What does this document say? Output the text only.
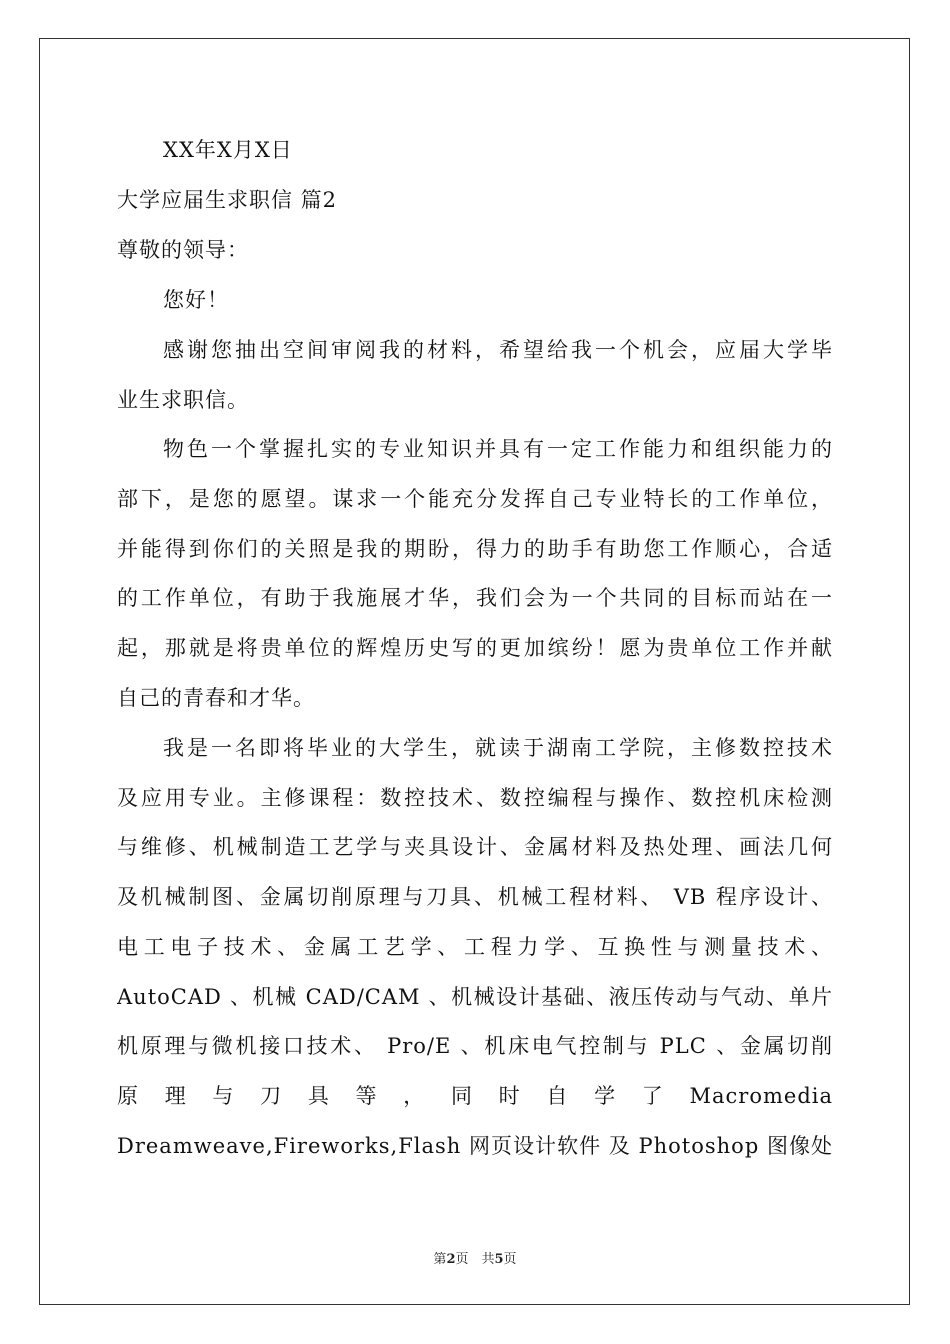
XX年X月X日
大学应届生求职信 篇2
尊敬的领导：
您好！
感谢您抽出空间审阅我的材料，希望给我一个机会，应届大学毕
业生求职信。
物色一个掌握扎实的专业知识并具有一定工作能力和组织能力的
部下，是您的愿望。谋求一个能充分发挥自己专业特长的工作单位，
并能得到你们的关照是我的期盼，得力的助手有助您工作顺心，合适
的工作单位，有助于我施展才华，我们会为一个共同的目标而站在一
起，那就是将贵单位的辉煌历史写的更加缤纷！愿为贵单位工作并献
自己的青春和才华。
我是一名即将毕业的大学生，就读于湖南工学院，主修数控技术
及应用专业。主修课程：数控技术、数控编程与操作、数控机床检测
与维修、机械制造工艺学与夹具设计、金属材料及热处理、画法几何
及机械制图、金属切削原理与刀具、机械工程材料、 VB 程序设计、
电工电子技术、金属工艺学、工程力学、互换性与测量技术、
AutoCAD 、机械 CAD/CAM 、机械设计基础、液压传动与气动、单片
机原理与微机接口技术、 Pro/E 、机床电气控制与 PLC 、金属切削
原 理 与 刀 具 等 ， 同 时 自 学 了 Macromedia
Dreamweave,Fireworks,Flash 网页设计软件 及 Photoshop 图像处
第2页　共5页
